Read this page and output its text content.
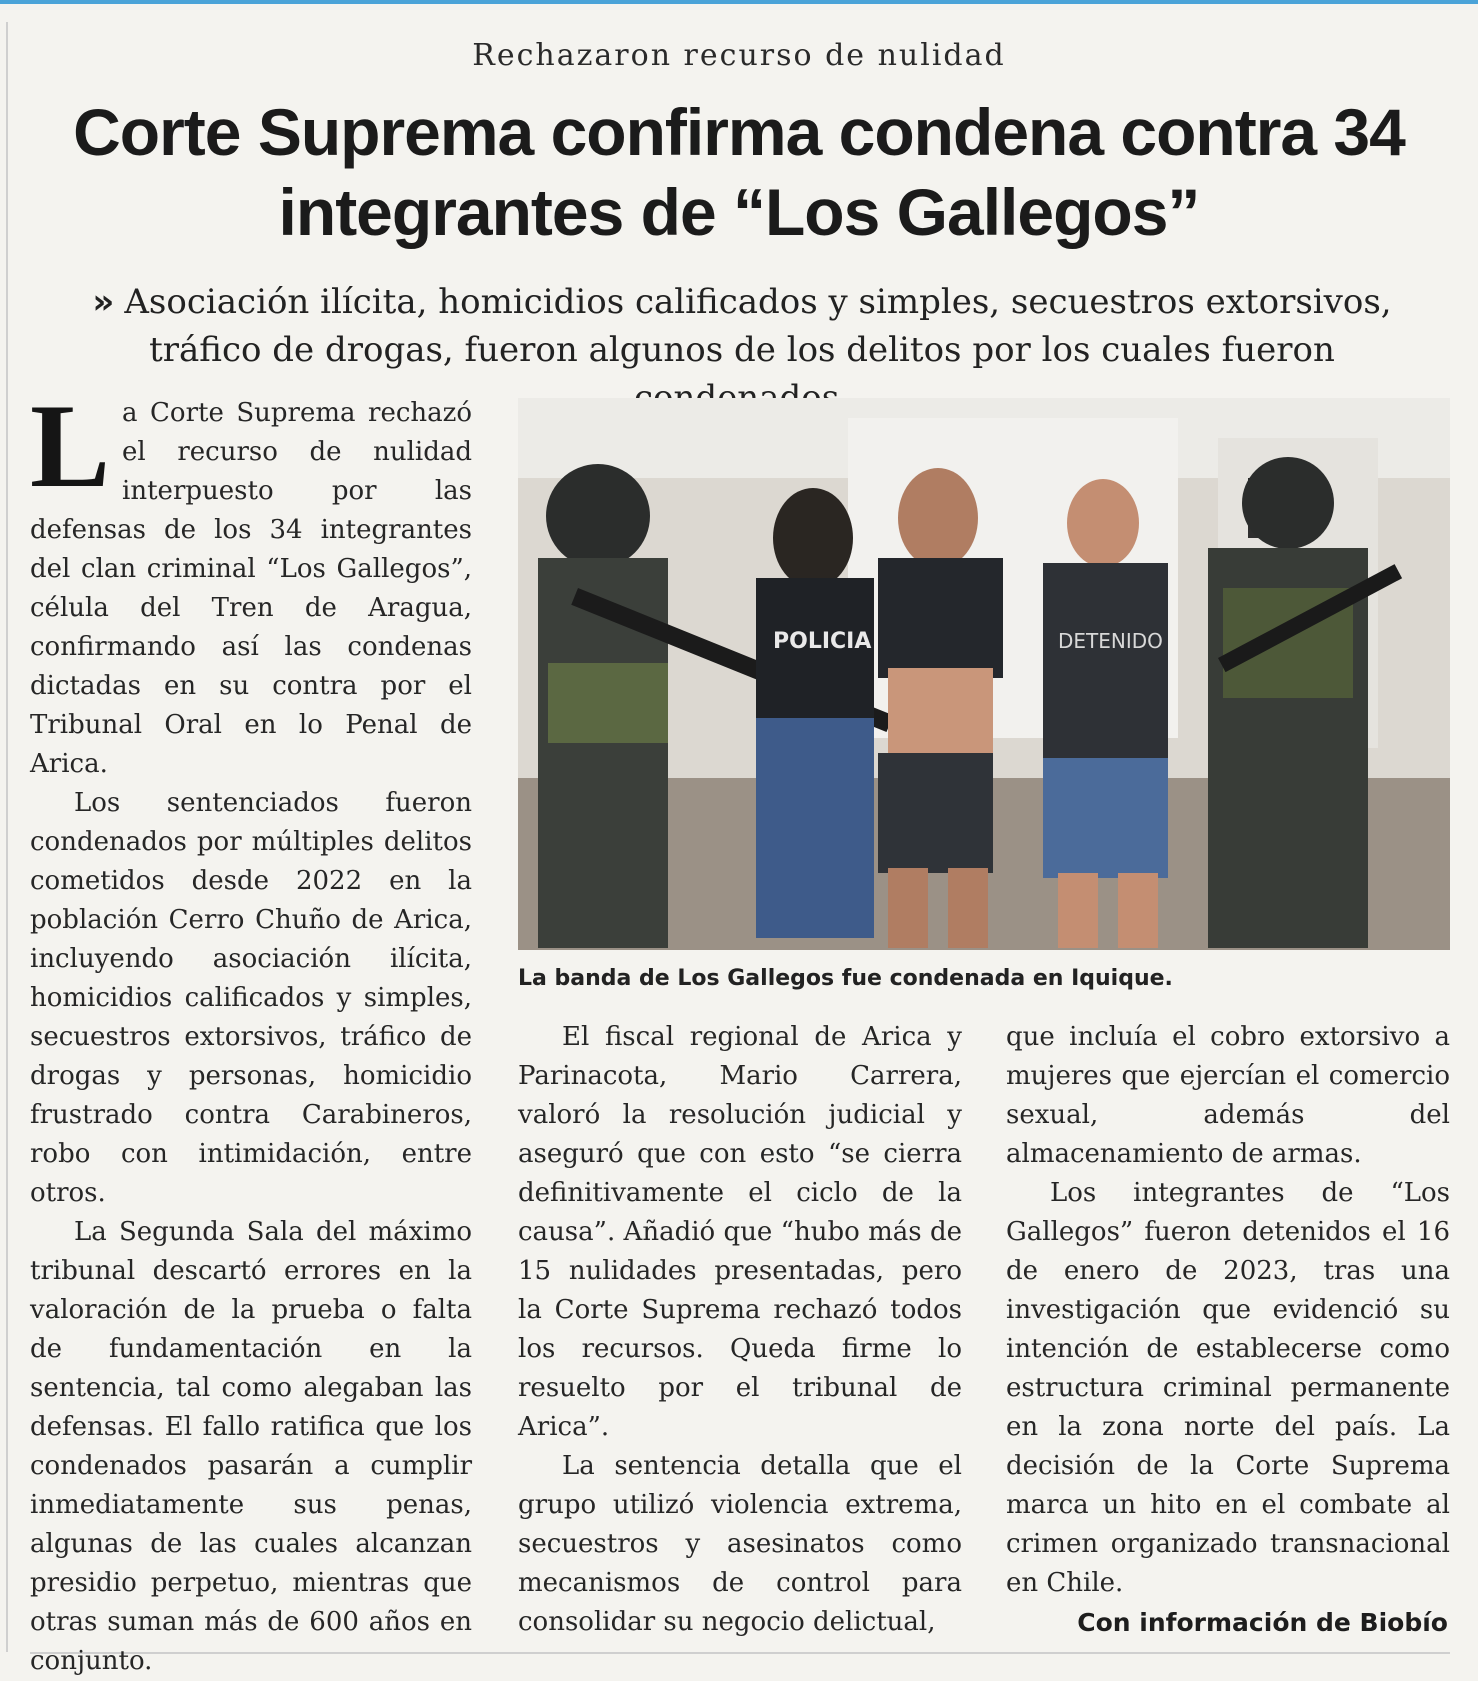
Rechazaron recurso de nulidad
Corte Suprema confirma condena contra 34 integrantes de “Los Gallegos”
» Asociación ilícita, homicidios calificados y simples, secuestros extorsivos, tráfico de drogas, fueron algunos de los delitos por los cuales fueron

La Corte Suprema rechazó el recurso de nulidad interpuesto por las defensas de los 34 integrantes del clan criminal “Los Gallegos”, célula del Tren de Aragua, confirmando así las condenas dictadas en su contra por el Tribunal Oral en lo Penal de Arica.

Los sentenciados fueron condenados por múltiples delitos cometidos desde 2022 en la población Cerro Chuño de Arica, incluyendo asociación ilícita, homicidios calificados y simples, secuestros extorsivos, tráfico de drogas y personas, homicidio frustrado contra Carabineros, robo con intimidación, entre otros.

La Segunda Sala del máximo tribunal descartó errores en la valoración de la prueba o falta de fundamentación en la sentencia, tal como alegaban las defensas. El fallo ratifica que los condenados pasarán a cumplir inmediatamente sus penas, algunas de las cuales alcanzan presidio perpetuo, mientras que otras suman más de 600 años en conjunto.

POLICIA	DETENIDO
La banda de Los Gallegos fue condenada en Iquique.

El fiscal regional de Arica y Parinacota, Mario Carrera, valoró la resolución judicial y aseguró que con esto “se cierra definitivamente el ciclo de la causa”. Añadió que “hubo más de 15 nulidades presentadas, pero la Corte Suprema rechazó todos los recursos. Queda firme lo resuelto por el tribunal de Arica”.

La sentencia detalla que el grupo utilizó violencia extrema, secuestros y asesinatos como mecanismos de control para consolidar su negocio delictual,

que incluía el cobro extorsivo a mujeres que ejercían el comercio sexual, además del almacenamiento de armas.

Los integrantes de “Los Gallegos” fueron detenidos el 16 de enero de 2023, tras una investigación que evidenció su intención de establecerse como estructura criminal permanente en la zona norte del país. La decisión de la Corte Suprema marca un hito en el combate al crimen organizado transnacional en Chile.

Con información de Biobío
